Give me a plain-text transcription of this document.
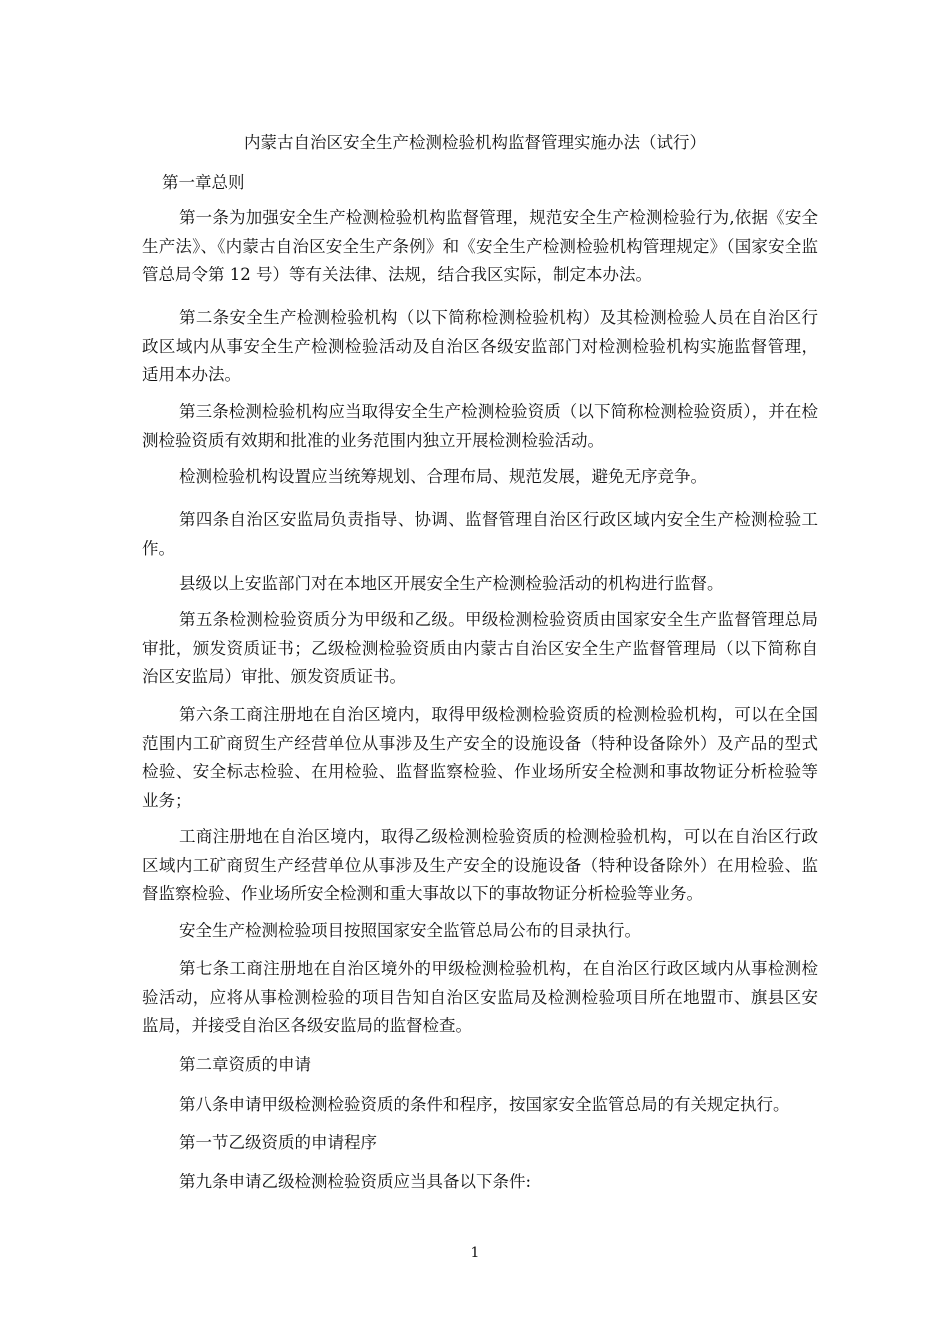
内蒙古自治区安全生产检测检验机构监督管理实施办法（试行）
第一章总则

第一条为加强安全生产检测检验机构监督管理，规范安全生产检测检验行为,依据《安全生产法》、《内蒙古自治区安全生产条例》和《安全生产检测检验机构管理规定》（国家安全监管总局令第 12 号）等有关法律、法规，结合我区实际，制定本办法。

第二条安全生产检测检验机构（以下简称检测检验机构）及其检测检验人员在自治区行政区域内从事安全生产检测检验活动及自治区各级安监部门对检测检验机构实施监督管理，适用本办法。

第三条检测检验机构应当取得安全生产检测检验资质（以下简称检测检验资质），并在检测检验资质有效期和批准的业务范围内独立开展检测检验活动。

检测检验机构设置应当统筹规划、合理布局、规范发展，避免无序竞争。

第四条自治区安监局负责指导、协调、监督管理自治区行政区域内安全生产检测检验工作。

县级以上安监部门对在本地区开展安全生产检测检验活动的机构进行监督。

第五条检测检验资质分为甲级和乙级。甲级检测检验资质由国家安全生产监督管理总局审批，颁发资质证书；乙级检测检验资质由内蒙古自治区安全生产监督管理局（以下简称自治区安监局）审批、颁发资质证书。

第六条工商注册地在自治区境内，取得甲级检测检验资质的检测检验机构，可以在全国范围内工矿商贸生产经营单位从事涉及生产安全的设施设备（特种设备除外）及产品的型式检验、安全标志检验、在用检验、监督监察检验、作业场所安全检测和事故物证分析检验等业务；

工商注册地在自治区境内，取得乙级检测检验资质的检测检验机构，可以在自治区行政区域内工矿商贸生产经营单位从事涉及生产安全的设施设备（特种设备除外）在用检验、监督监察检验、作业场所安全检测和重大事故以下的事故物证分析检验等业务。

安全生产检测检验项目按照国家安全监管总局公布的目录执行。

第七条工商注册地在自治区境外的甲级检测检验机构，在自治区行政区域内从事检测检验活动，应将从事检测检验的项目告知自治区安监局及检测检验项目所在地盟市、旗县区安监局，并接受自治区各级安监局的监督检查。

第二章资质的申请
第八条申请甲级检测检验资质的条件和程序，按国家安全监管总局的有关规定执行。
第一节乙级资质的申请程序
第九条申请乙级检测检验资质应当具备以下条件:
1
